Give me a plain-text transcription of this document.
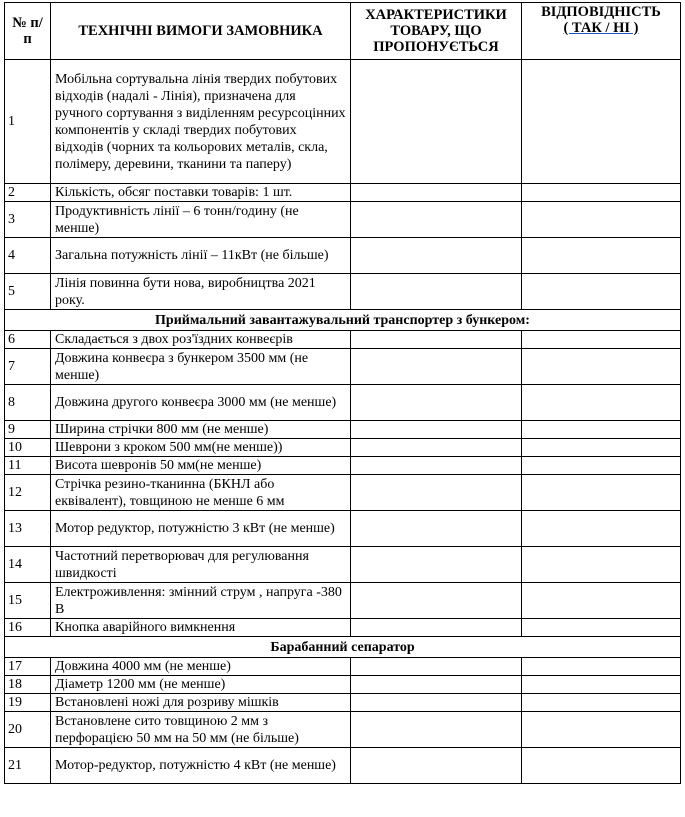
№ п/п	ТЕХНІЧНІ ВИМОГИ ЗАМОВНИКА	ХАРАКТЕРИСТИКИ ТОВАРУ, ЩО ПРОПОНУЄТЬСЯ	ВІДПОВІДНІСТЬ
( ТАК / НІ )

1	Мобільна сортувальна лінія твердих побутових відходів (надалі - Лінія), призначена для ручного сортування з виділенням ресурсоцінних компонентів у складі твердих побутових відходів (чорних та кольорових металів, скла, полімеру, деревини, тканини та паперу)		
2	Кількість, обсяг поставки товарів: 1 шт.		
3	Продуктивність лінії – 6 тонн/годину (не менше)		
4	Загальна потужність лінії – 11кВт (не більше)		
5	Лінія повинна бути нова, виробництва 2021 року.		
Приймальний завантажувальний транспортер з бункером:			
6	Складається з двох роз'їздних конвеєрів		
7	Довжина конвеєра з бункером 3500 мм (не менше)		
8	Довжина другого конвеєра 3000 мм (не менше)		
9	Ширина стрічки 800 мм (не менше)		
10	Шеврони з кроком 500 мм(не менше))		
11	Висота шевронів 50 мм(не менше)		
12	Стрічка резино-тканинна (БКНЛ або еквівалент), товщиною не менше 6 мм		
13	Мотор редуктор, потужністю 3 кВт (не менше)		
14	Частотний перетворювач для регулювання швидкості		
15	Електроживлення: змінний струм , напруга -380 В		
16	Кнопка аварійного вимкнення		
Барабанний сепаратор			
17	Довжина 4000 мм (не менше)		
18	Діаметр 1200 мм (не менше)		
19	Встановлені ножі для розриву мішків		
20	Встановлене сито товщиною 2 мм з перфорацією 50 мм на 50 мм (не більше)		
21	Мотор-редуктор, потужністю 4 кВт (не менше)		
